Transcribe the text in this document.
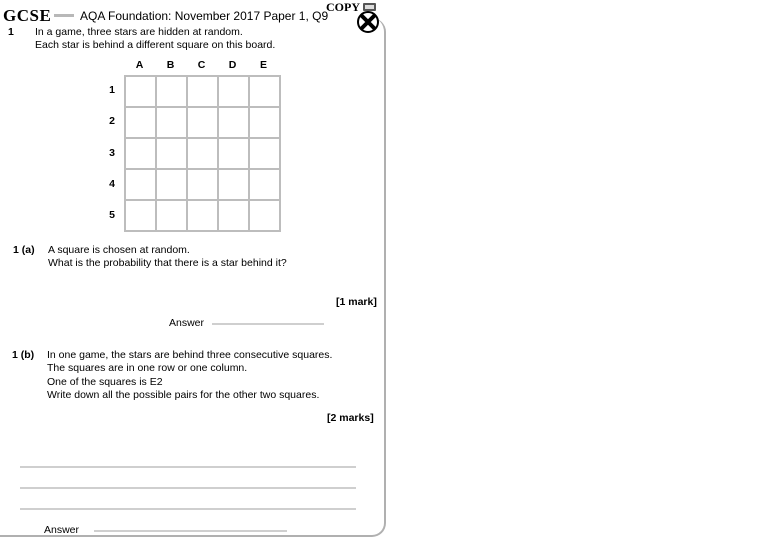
GCSE AQA Foundation: November 2017 Paper 1, Q9
COPY
1 In a game, three stars are hidden at random.
Each star is behind a different square on this board.
A	B	C	D	E
1
2
3
4
5

1 (a) A square is chosen at random.
What is the probability that there is a star behind it?
[1 mark]
Answer
1 (b) In one game, the stars are behind three consecutive squares.
The squares are in one row or one column.
One of the squares is E2
Write down all the possible pairs for the other two squares.
[2 marks]
Answer
